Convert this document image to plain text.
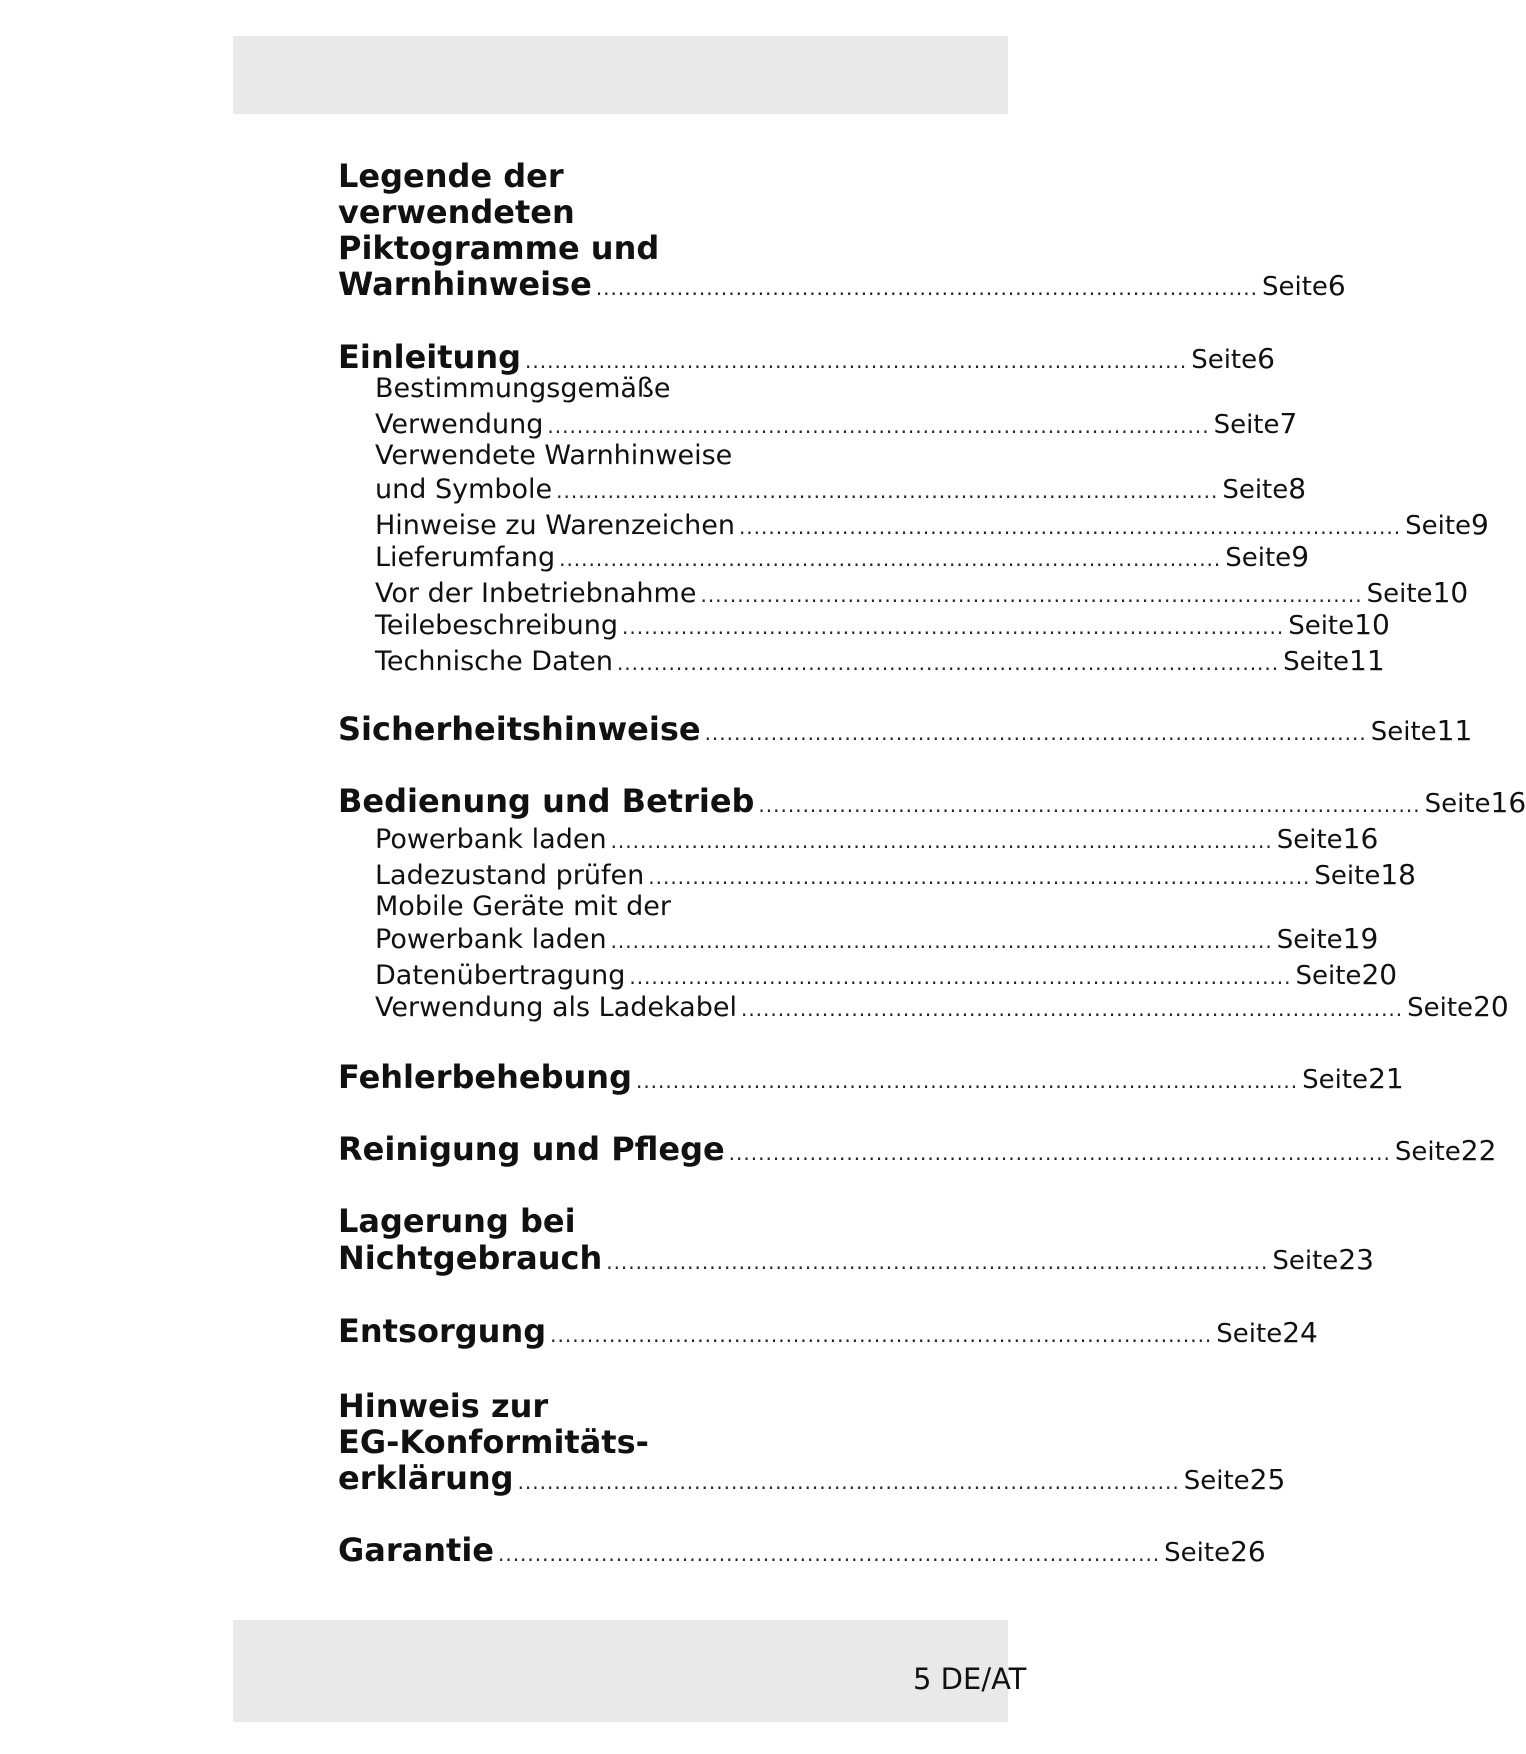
Legende der
verwendeten
Piktogramme und
Warnhinweise .......................................................................................... Seite 6
Einleitung .......................................................................................... Seite 6
Bestimmungsgemäße
Verwendung .......................................................................................... Seite 7
Verwendete Warnhinweise
und Symbole .......................................................................................... Seite 8
Hinweise zu Warenzeichen .......................................................................................... Seite 9
Lieferumfang .......................................................................................... Seite 9
Vor der Inbetriebnahme .......................................................................................... Seite 10
Teilebeschreibung .......................................................................................... Seite 10
Technische Daten .......................................................................................... Seite 11
Sicherheitshinweise .......................................................................................... Seite 11
Bedienung und Betrieb .......................................................................................... Seite 16
Powerbank laden .......................................................................................... Seite 16
Ladezustand prüfen .......................................................................................... Seite 18
Mobile Geräte mit der
Powerbank laden .......................................................................................... Seite 19
Datenübertragung .......................................................................................... Seite 20
Verwendung als Ladekabel .......................................................................................... Seite 20
Fehlerbehebung .......................................................................................... Seite 21
Reinigung und Pflege .......................................................................................... Seite 22
Lagerung bei
Nichtgebrauch .......................................................................................... Seite 23
Entsorgung .......................................................................................... Seite 24
Hinweis zur
EG-Konformitäts-
erklärung .......................................................................................... Seite 25
Garantie .......................................................................................... Seite 26
5 DE/AT
